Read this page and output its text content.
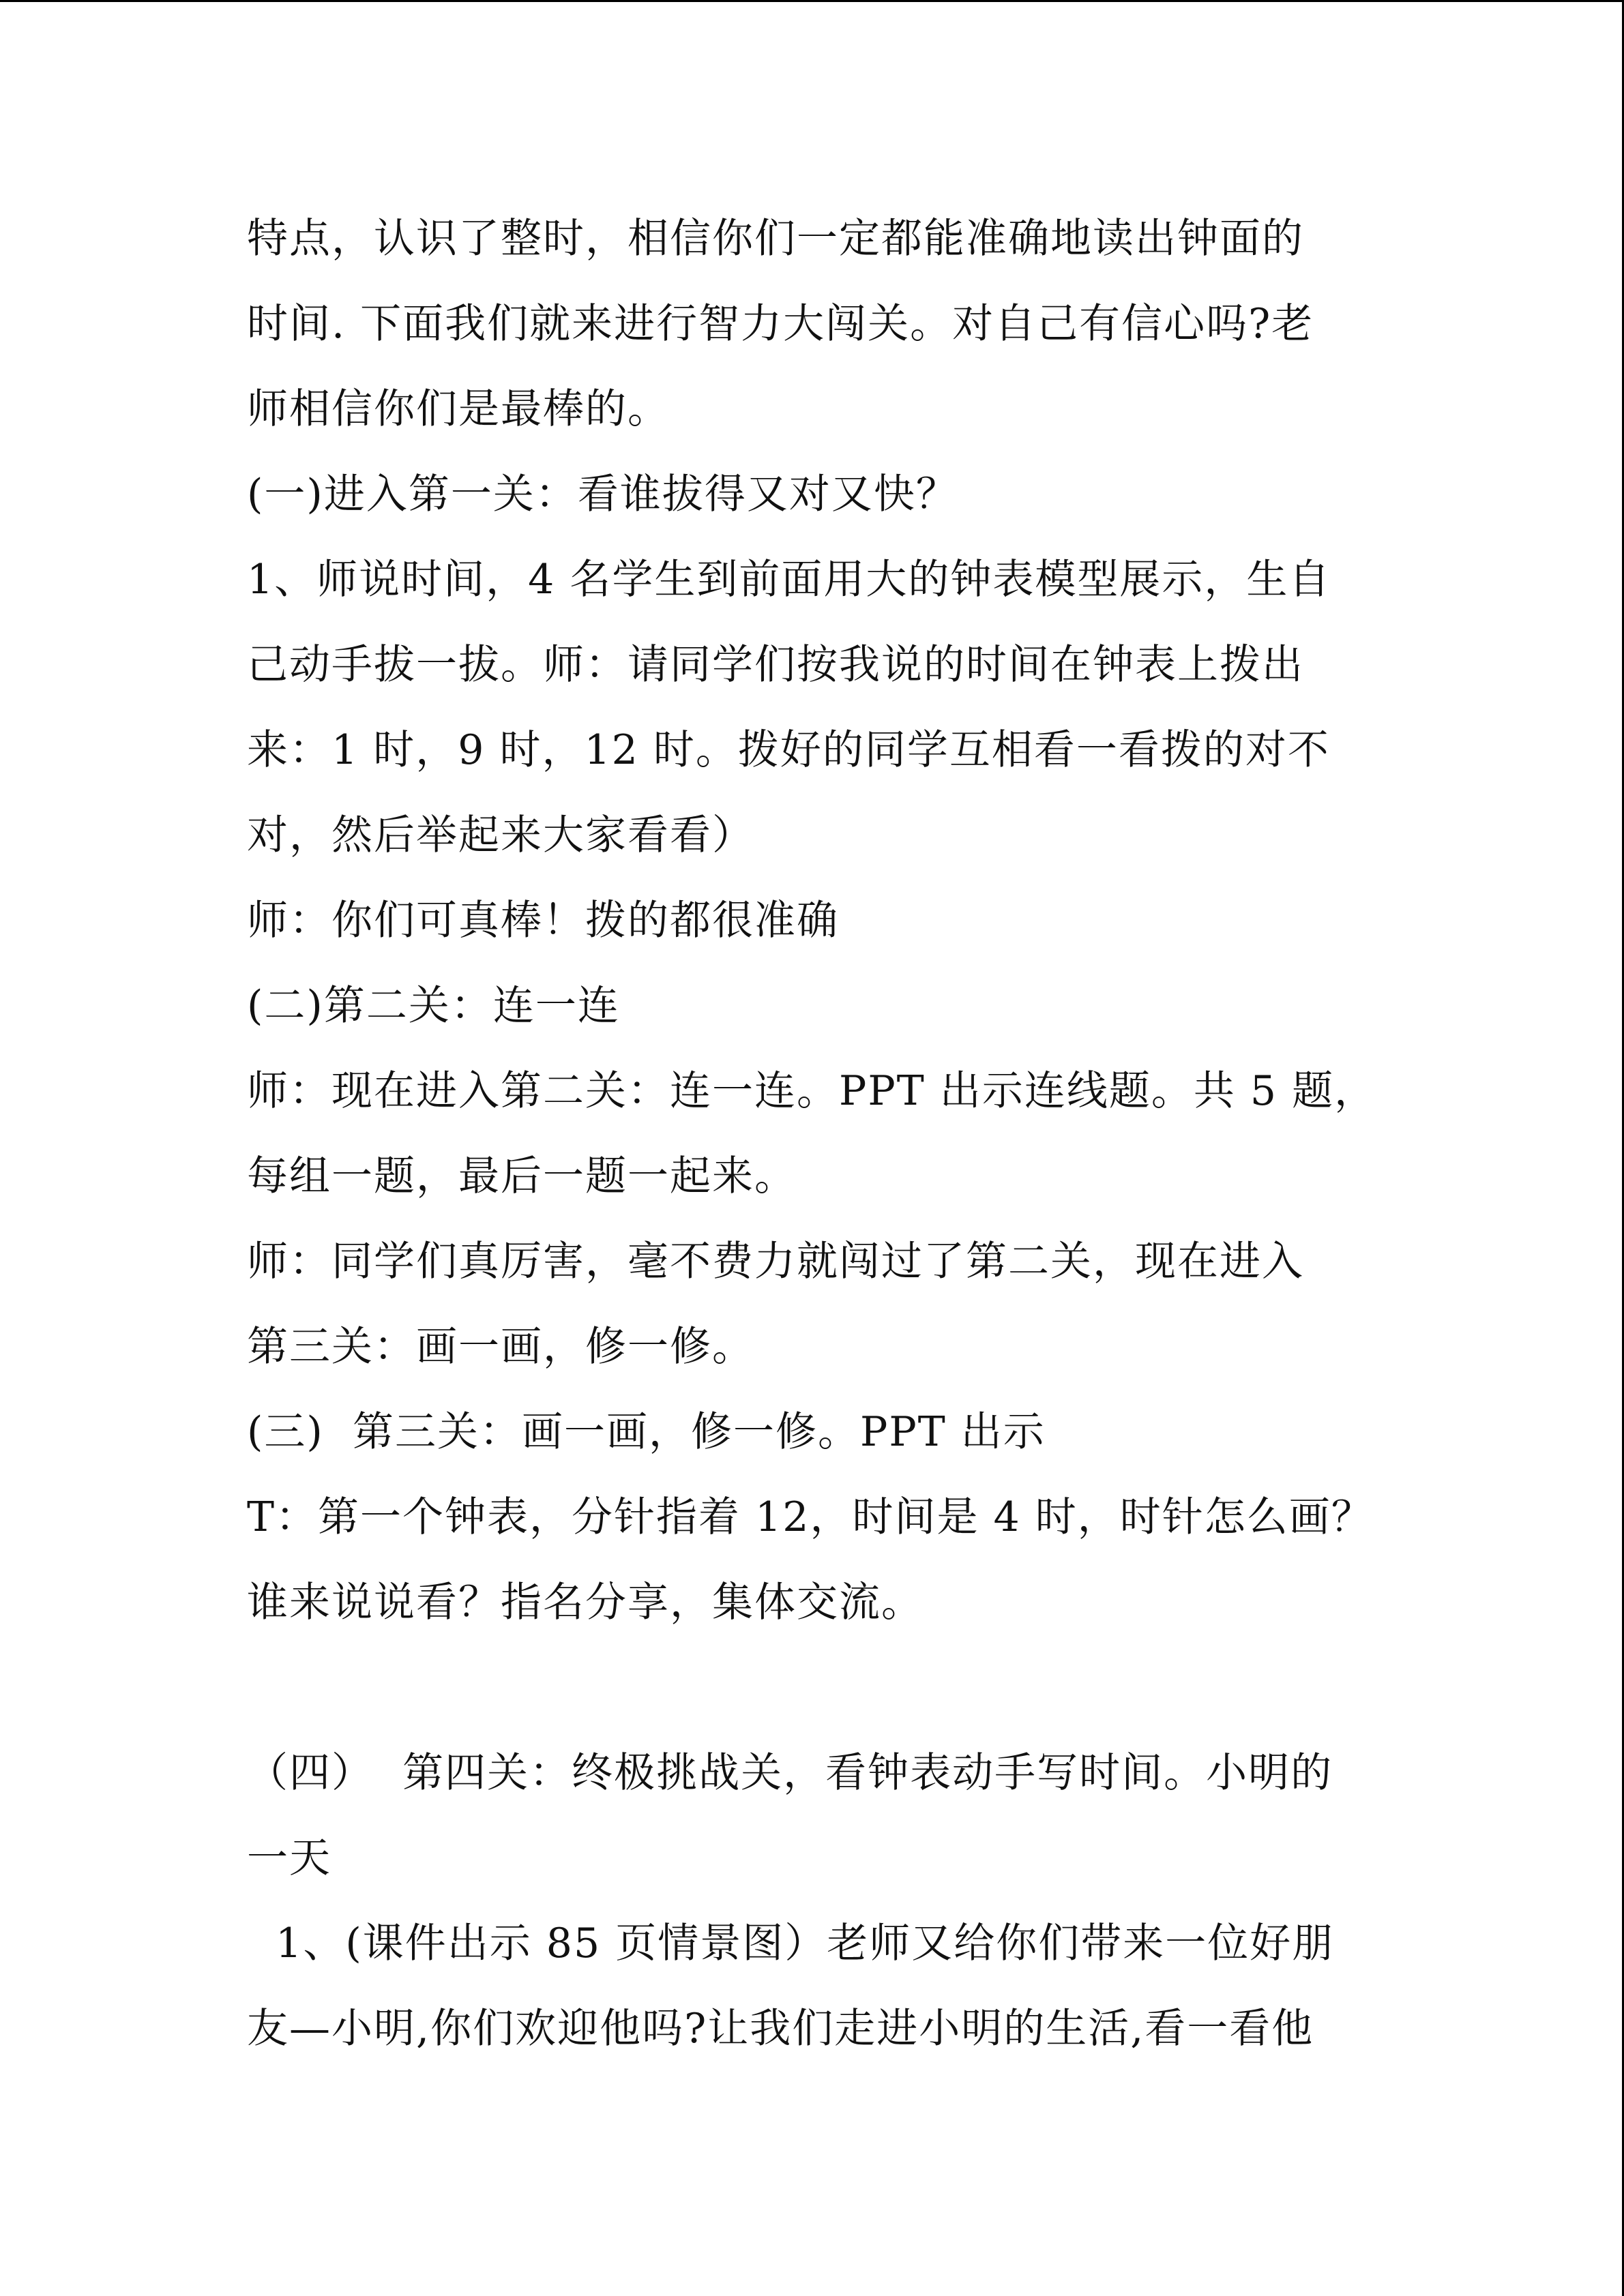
特点，认识了整时，相信你们一定都能准确地读出钟面的
时间. 下面我们就来进行智力大闯关。对自己有信心吗?老
师相信你们是最棒的。
(一)进入第一关：看谁拔得又对又快？
1、师说时间，4 名学生到前面用大的钟表模型展示，生自
己动手拔一拔。师：请同学们按我说的时间在钟表上拨出
来：1 时，9 时，12 时。拨好的同学互相看一看拨的对不
对，然后举起来大家看看）
师：你们可真棒！拨的都很准确
(二)第二关：连一连
师：现在进入第二关：连一连。PPT 出示连线题。共 5 题，
每组一题，最后一题一起来。
师：同学们真厉害，毫不费力就闯过了第二关，现在进入
第三关：画一画，修一修。
(三)  第三关：画一画，修一修。PPT 出示
T：第一个钟表，分针指着 12，时间是 4 时，时针怎么画？
谁来说说看？指名分享，集体交流。
（四）  第四关：终极挑战关，看钟表动手写时间。小明的
一天
1、(课件出示 85 页情景图）老师又给你们带来一位好朋
友—小明,你们欢迎他吗?让我们走进小明的生活,看一看他
